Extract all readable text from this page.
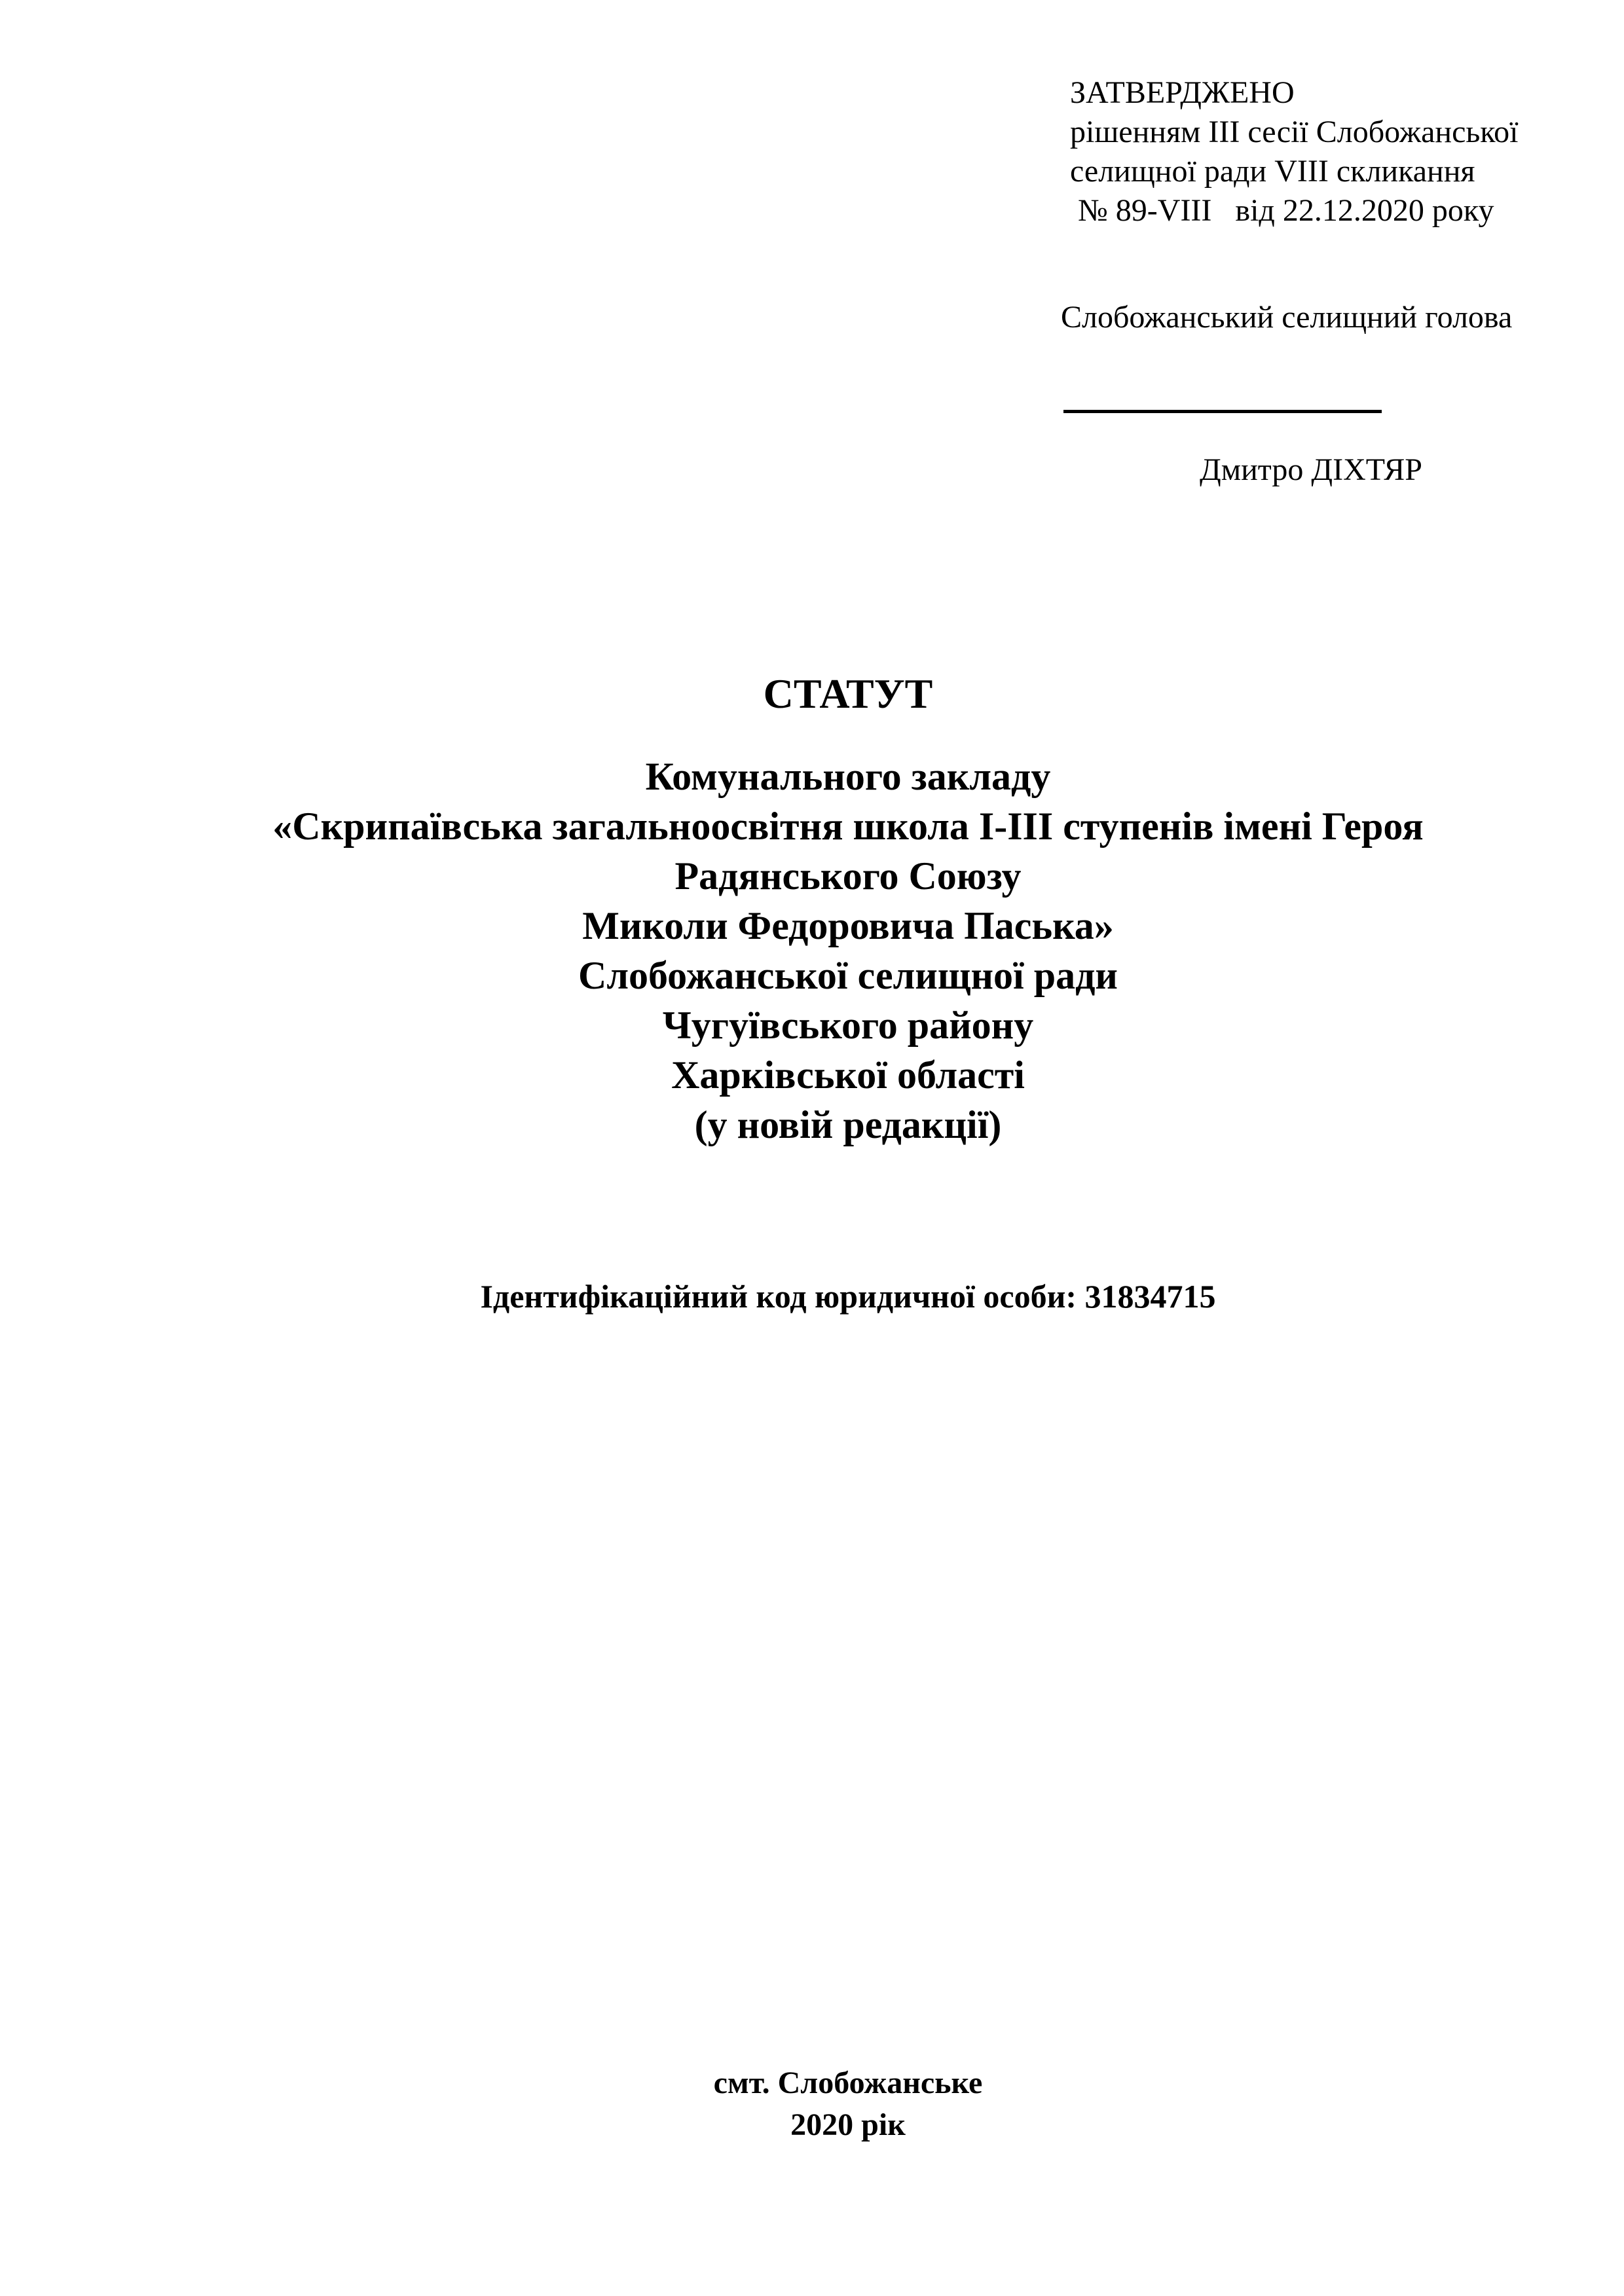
ЗАТВЕРДЖЕНО
рішенням ІІІ сесії Слобожанської
селищної ради VIII скликання
№ 89-VIII   від 22.12.2020 року
Слобожанський селищний голова
Дмитро ДІХТЯР
СТАТУТ
Комунального закладу
«Скрипаївська загальноосвітня школа І-ІІІ ступенів імені Героя
Радянського Союзу
Миколи Федоровича Паська»
Слобожанської селищної ради
Чугуївського району
Харківської області
(у новій редакції)
Ідентифікаційний код юридичної особи: 31834715
смт. Слобожанське
2020 рік
